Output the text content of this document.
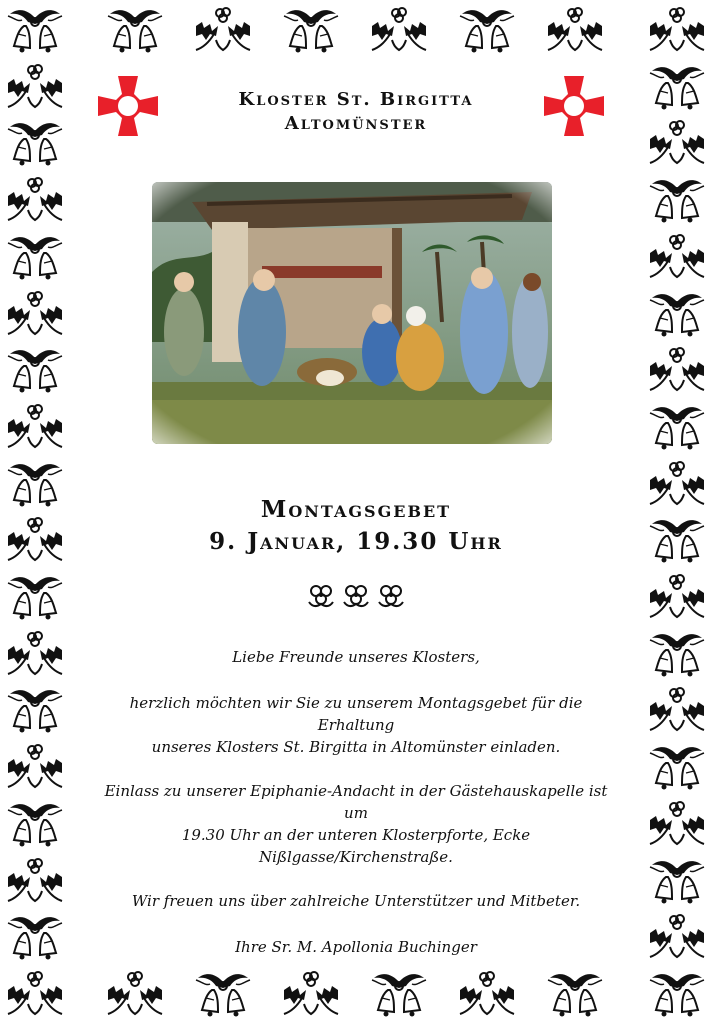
Kloster St. Birgitta
Altomünster
Montagsgebet
9. Januar, 19.30 Uhr

Liebe Freunde unseres Klosters,

herzlich möchten wir Sie zu unserem Montagsgebet für die Erhaltung
unseres Klosters St. Birgitta in Altomünster einladen.

Einlass zu unserer Epiphanie-Andacht in der Gästehauskapelle ist um
19.30 Uhr an der unteren Klosterpforte, Ecke
Nißlgasse/Kirchenstraße.

Wir freuen uns über zahlreiche Unterstützer und Mitbeter.

Ihre Sr. M. Apollonia Buchinger
